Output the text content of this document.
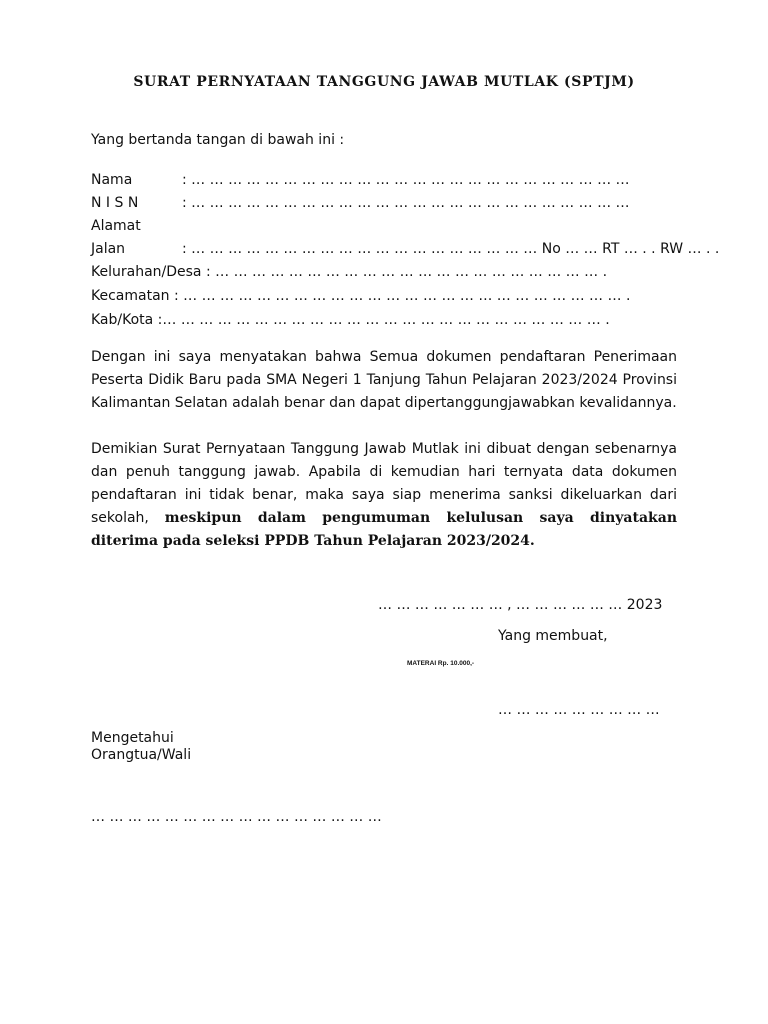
SURAT PERNYATAAN TANGGUNG JAWAB MUTLAK (SPTJM)
Yang bertanda tangan di bawah ini :
Nama	: … … … … … … … … … … … … … … … … … … … … … … … …
N I S N	: … … … … … … … … … … … … … … … … … … … … … … … …
Alamat
Jalan	: … … … … … … … … … … … … … … … … … … … No … … RT … . . RW … . .
Kelurahan/Desa : … … … … … … … … … … … … … … … … … … … … … .
Kecamatan : … … … … … … … … … … … … … … … … … … … … … … … … .
Kab/Kota :… … … … … … … … … … … … … … … … … … … … … … … … .
Dengan ini saya menyatakan bahwa Semua dokumen pendaftaran Penerimaan Peserta Didik Baru pada SMA Negeri 1 Tanjung Tahun Pelajaran 2023/2024 Provinsi Kalimantan Selatan adalah benar dan dapat dipertanggungjawabkan kevalidannya.
Demikian Surat Pernyataan Tanggung Jawab Mutlak ini dibuat dengan sebenarnya dan penuh tanggung jawab. Apabila di kemudian hari ternyata data dokumen pendaftaran ini tidak benar, maka saya siap menerima sanksi dikeluarkan dari sekolah, meskipun dalam pengumuman kelulusan saya dinyatakan diterima pada seleksi PPDB Tahun Pelajaran 2023/2024.
… … … … … … … , … … … … … … 2023
Yang membuat,
MATERAI Rp. 10.000,-
… … … … … … … … …
Mengetahui
Orangtua/Wali
… … … … … … … … … … … … … … … …
